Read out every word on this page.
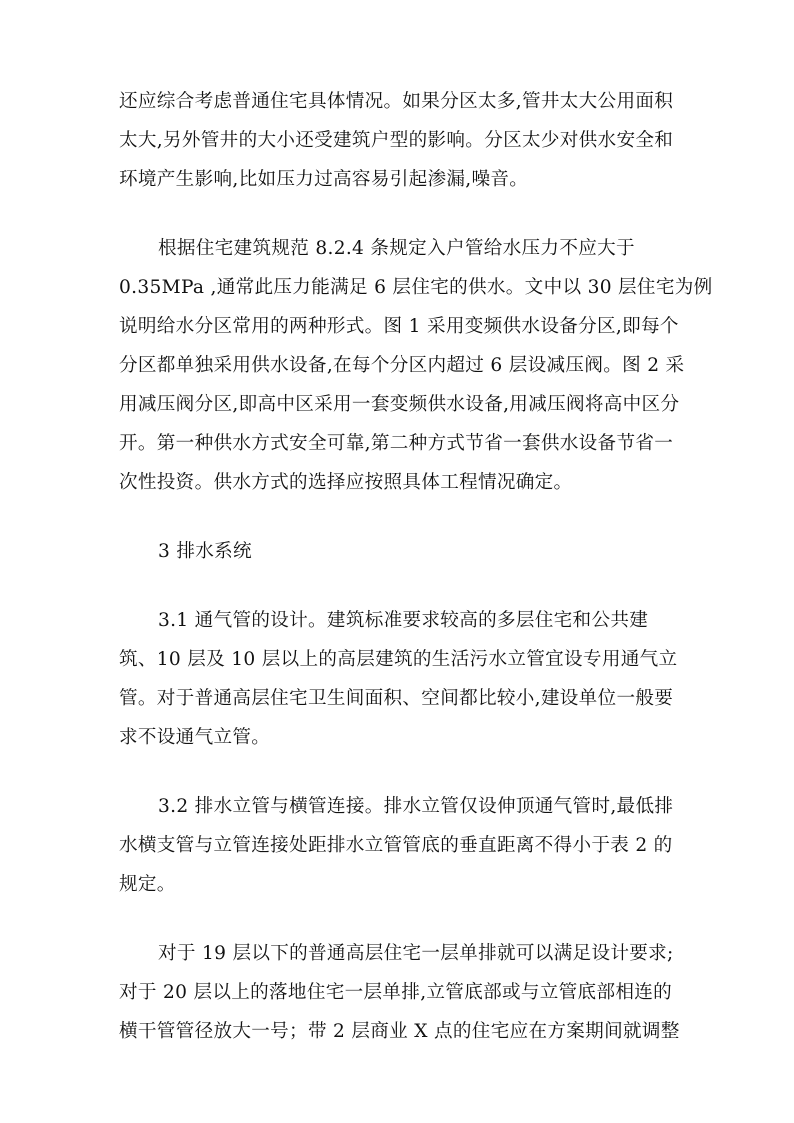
还应综合考虑普通住宅具体情况。如果分区太多,管井太大公用面积
太大,另外管井的大小还受建筑户型的影响。分区太少对供水安全和
环境产生影响,比如压力过高容易引起渗漏,噪音。
根据住宅建筑规范 8.2.4 条规定入户管给水压力不应大于
0.35MPa ,通常此压力能满足 6 层住宅的供水。文中以 30 层住宅为例
说明给水分区常用的两种形式。图 1 采用变频供水设备分区,即每个
分区都单独采用供水设备,在每个分区内超过 6 层设减压阀。图 2 采
用减压阀分区,即高中区采用一套变频供水设备,用减压阀将高中区分
开。第一种供水方式安全可靠,第二种方式节省一套供水设备节省一
次性投资。供水方式的选择应按照具体工程情况确定。
3 排水系统
3.1 通气管的设计。建筑标准要求较高的多层住宅和公共建
筑、10 层及 10 层以上的高层建筑的生活污水立管宜设专用通气立
管。对于普通高层住宅卫生间面积、空间都比较小,建设单位一般要
求不设通气立管。
3.2 排水立管与横管连接。排水立管仅设伸顶通气管时,最低排
水横支管与立管连接处距排水立管管底的垂直距离不得小于表 2 的
规定。
对于 19 层以下的普通高层住宅一层单排就可以满足设计要求;
对于 20 层以上的落地住宅一层单排,立管底部或与立管底部相连的
横干管管径放大一号；带 2 层商业 X 点的住宅应在方案期间就调整
